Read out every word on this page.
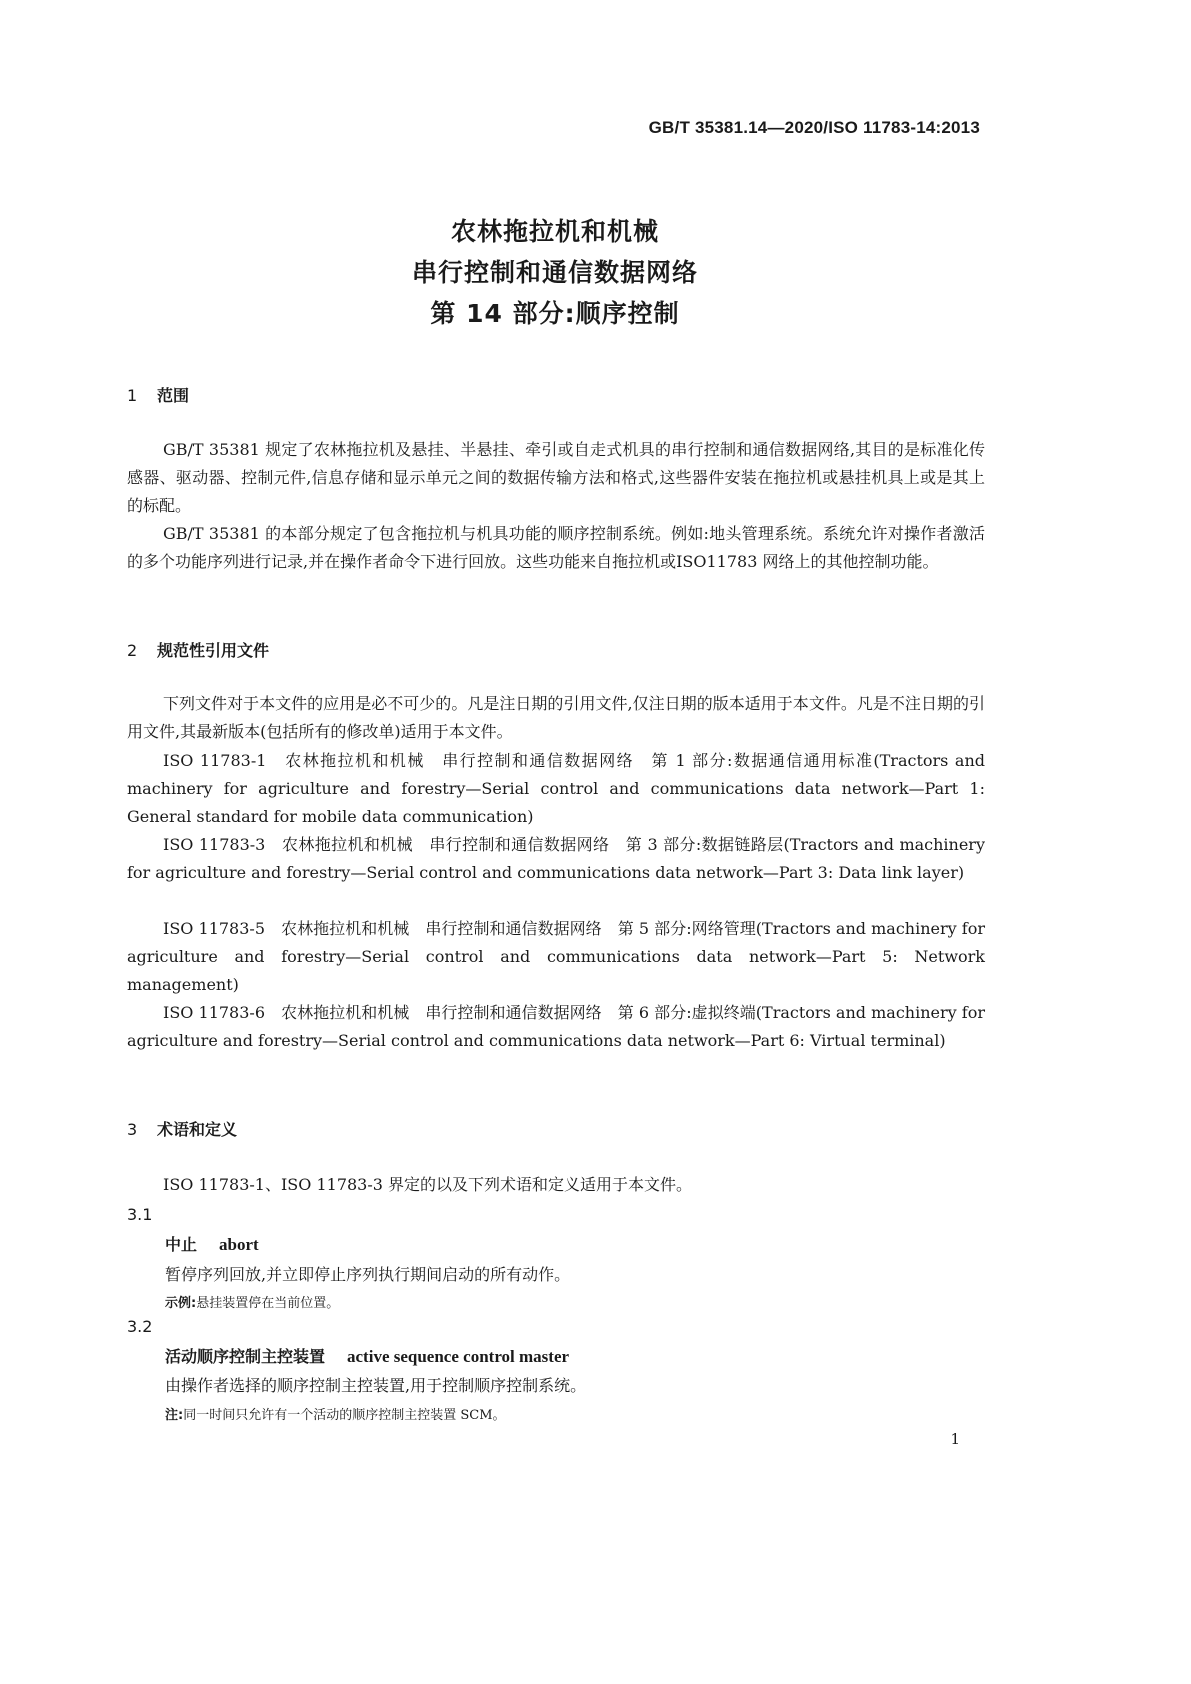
GB/T 35381.14—2020/ISO 11783-14:2013
农林拖拉机和机械
串行控制和通信数据网络
第 14 部分:顺序控制
1 范围
GB/T 35381 规定了农林拖拉机及悬挂、半悬挂、牵引或自走式机具的串行控制和通信数据网络,其目的是标准化传感器、驱动器、控制元件,信息存储和显示单元之间的数据传输方法和格式,这些器件安装在拖拉机或悬挂机具上或是其上的标配。
GB/T 35381 的本部分规定了包含拖拉机与机具功能的顺序控制系统。例如:地头管理系统。系统允许对操作者激活的多个功能序列进行记录,并在操作者命令下进行回放。这些功能来自拖拉机或ISO11783 网络上的其他控制功能。
2 规范性引用文件
下列文件对于本文件的应用是必不可少的。凡是注日期的引用文件,仅注日期的版本适用于本文件。凡是不注日期的引用文件,其最新版本(包括所有的修改单)适用于本文件。
ISO 11783-1　农林拖拉机和机械　串行控制和通信数据网络　第 1 部分:数据通信通用标准(Tractors and machinery for agriculture and forestry—Serial control and communications data network—Part 1: General standard for mobile data communication)
ISO 11783-3　农林拖拉机和机械　串行控制和通信数据网络　第 3 部分:数据链路层(Tractors and machinery for agriculture and forestry—Serial control and communications data network—Part 3: Data link layer)
ISO 11783-5　农林拖拉机和机械　串行控制和通信数据网络　第 5 部分:网络管理(Tractors and machinery for agriculture and forestry—Serial control and communications data network—Part 5: Network management)
ISO 11783-6　农林拖拉机和机械　串行控制和通信数据网络　第 6 部分:虚拟终端(Tractors and machinery for agriculture and forestry—Serial control and communications data network—Part 6: Virtual terminal)
3 术语和定义
ISO 11783-1、ISO 11783-3 界定的以及下列术语和定义适用于本文件。
3.1
中止 abort
暂停序列回放,并立即停止序列执行期间启动的所有动作。
示例:悬挂装置停在当前位置。
3.2
活动顺序控制主控装置 active sequence control master
由操作者选择的顺序控制主控装置,用于控制顺序控制系统。
注:同一时间只允许有一个活动的顺序控制主控装置 SCM。
1
